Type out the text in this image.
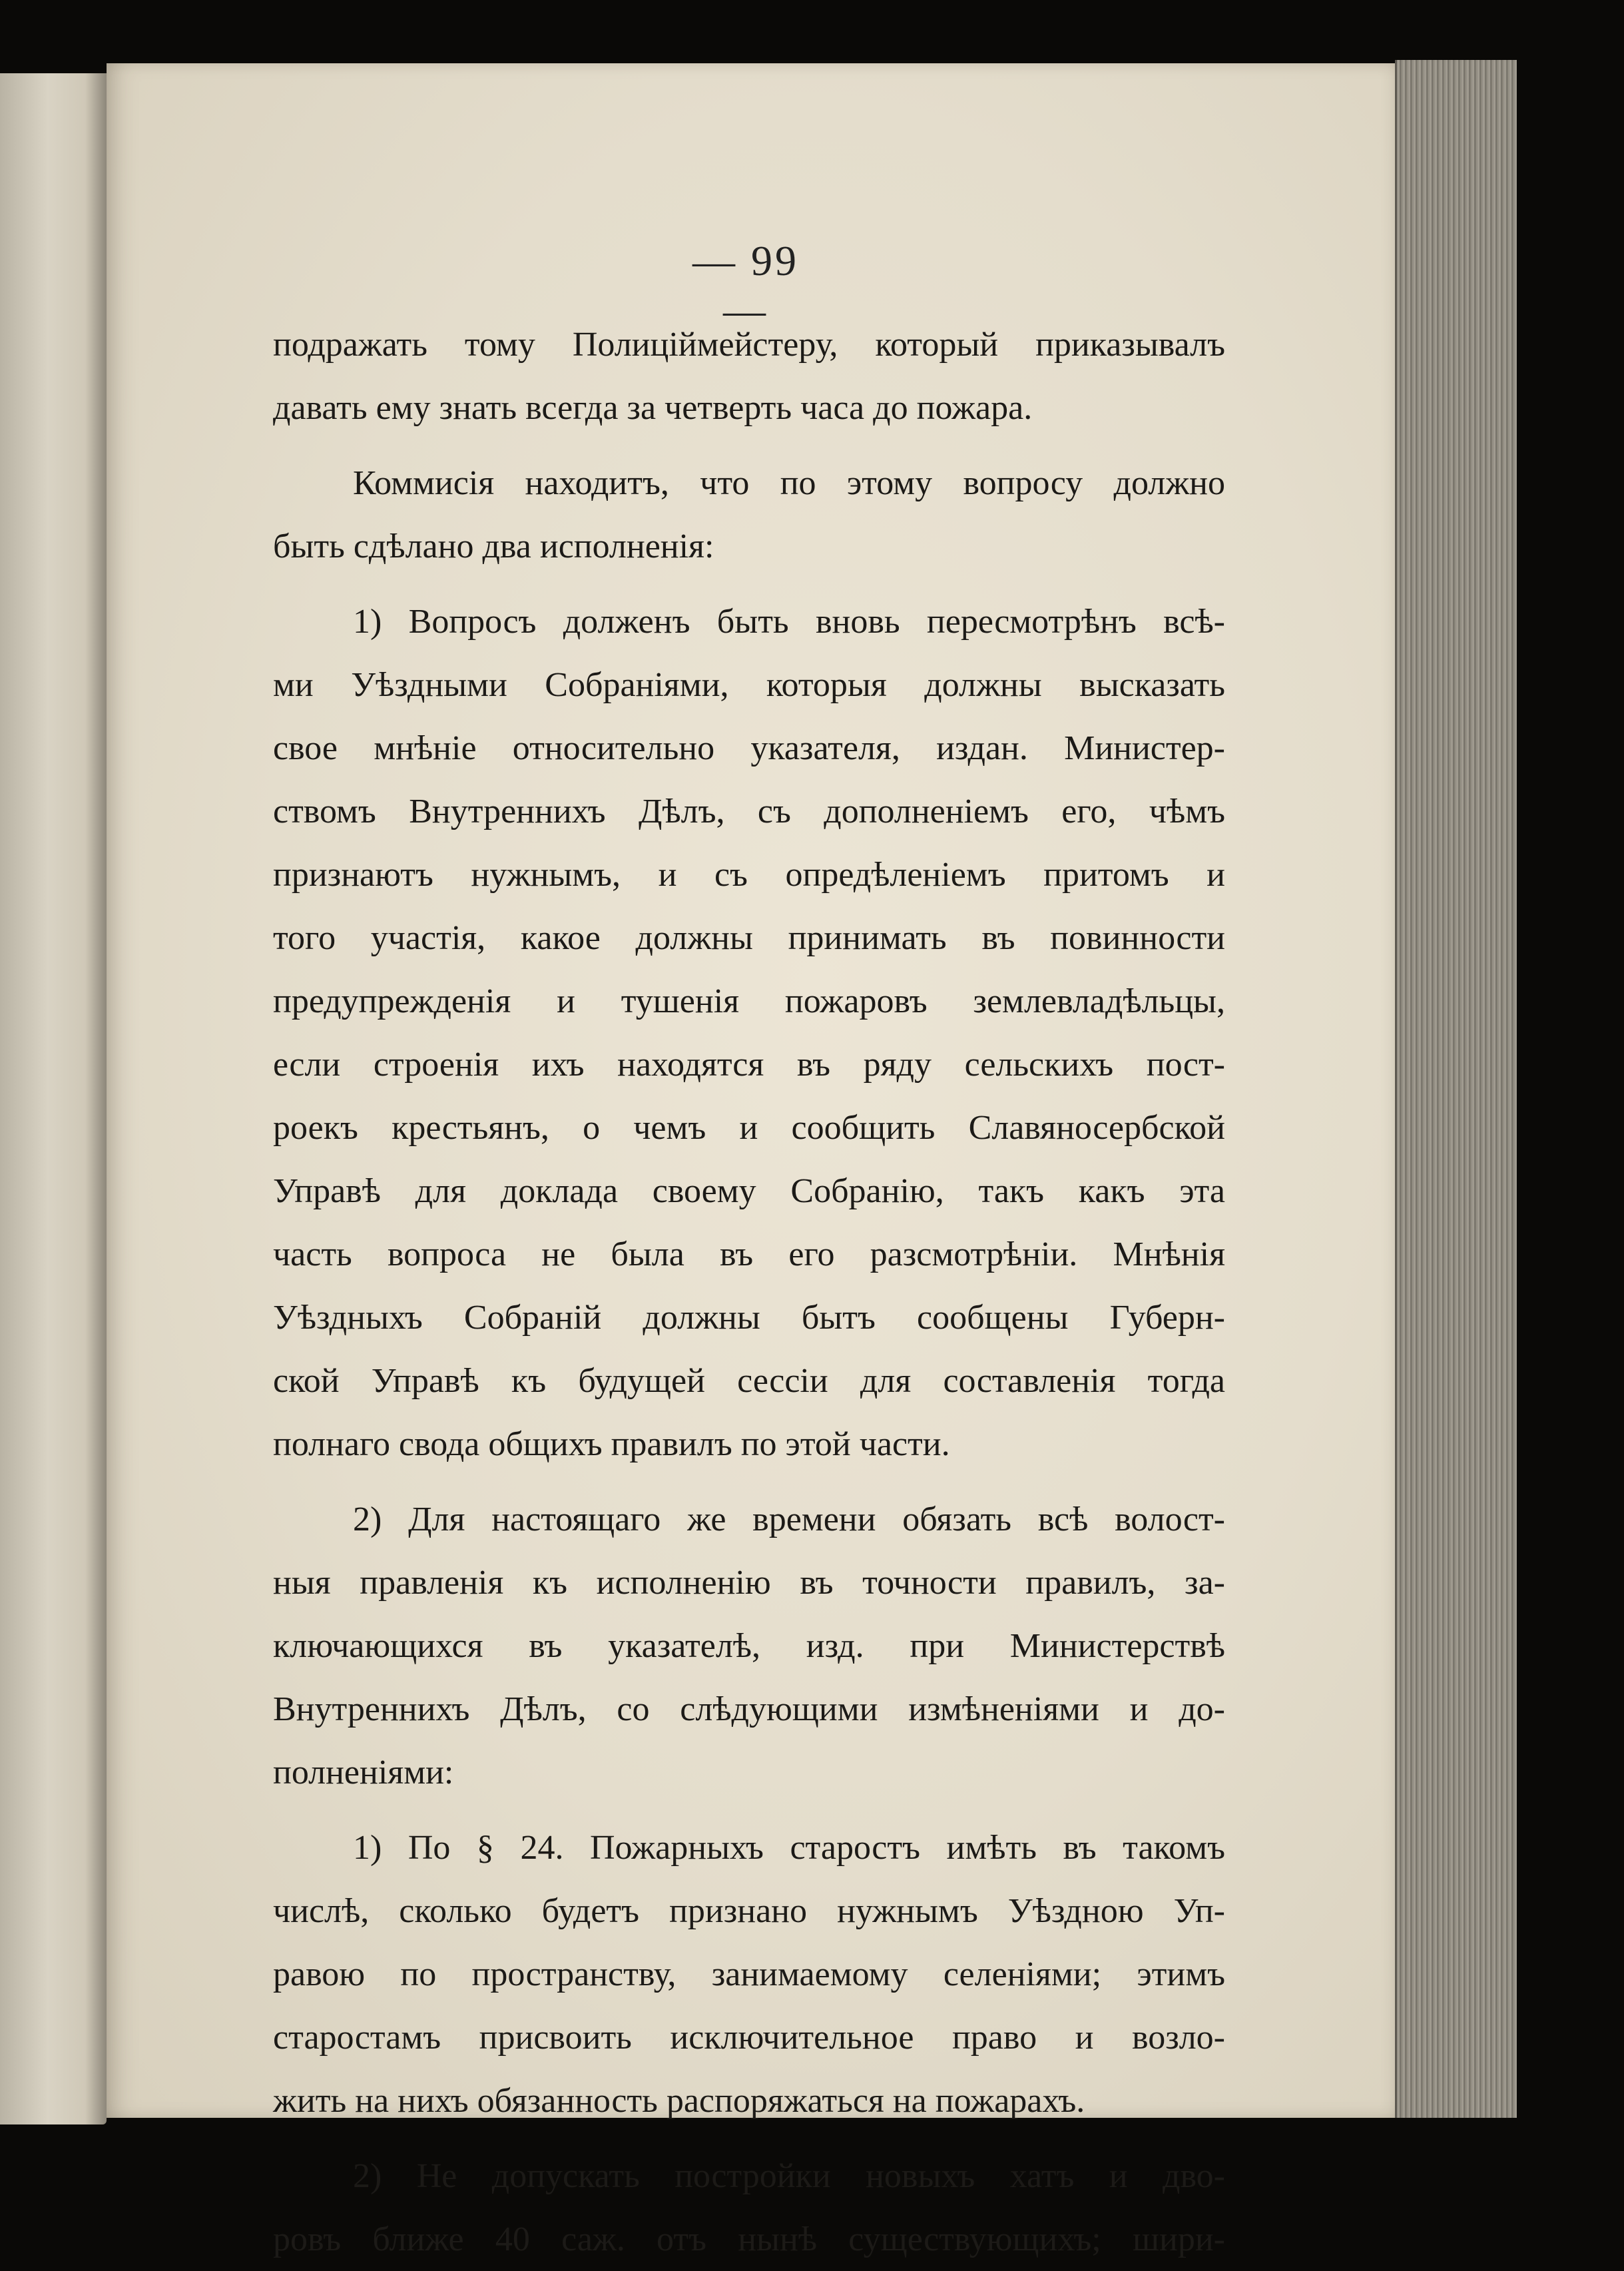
— 99 —
подражать тому Полицiймейстеру, который приказывалъ
давать ему знать всегда за четверть часа до пожара.
Коммисiя находитъ, что по этому вопросу должно
быть сдѣлано два исполненiя:
1) Вопросъ долженъ быть вновь пересмотрѣнъ всѣ-
ми Уѣздными Собранiями, которыя должны высказать
свое мнѣнiе относительно указателя, издан. Министер-
ствомъ Внутреннихъ Дѣлъ, съ дополненiемъ его, чѣмъ
признаютъ нужнымъ, и съ опредѣленiемъ притомъ и
того участiя, какое должны принимать въ повинности
предупрежденiя и тушенiя пожаровъ землевладѣльцы,
если строенiя ихъ находятся въ ряду сельскихъ пост-
роекъ крестьянъ, о чемъ и сообщить Славяносербской
Управѣ для доклада своему Собранiю, такъ какъ эта
часть вопроса не была въ его разсмотрѣнiи. Мнѣнiя
Уѣздныхъ Собранiй должны бытъ сообщены Губерн-
ской Управѣ къ будущей сессiи для составленiя тогда
полнаго свода общихъ правилъ по этой части.
2) Для настоящаго же времени обязать всѣ волост-
ныя правленiя къ исполненiю въ точности правилъ, за-
ключающихся въ указателѣ, изд. при Министерствѣ
Внутреннихъ Дѣлъ, со слѣдующими измѣненiями и до-
полненiями:
1) По § 24. Пожарныхъ старостъ имѣть въ такомъ
числѣ, сколько будетъ признано нужнымъ Уѣздною Уп-
равою по пространству, занимаемому селенiями; этимъ
старостамъ присвоить исключительное право и возло-
жить на нихъ обязанность распоряжаться на пожарахъ.
2) Не допускать постройки новыхъ хатъ и дво-
ровъ ближе 40 саж. отъ нынѣ существующихъ; шири-
